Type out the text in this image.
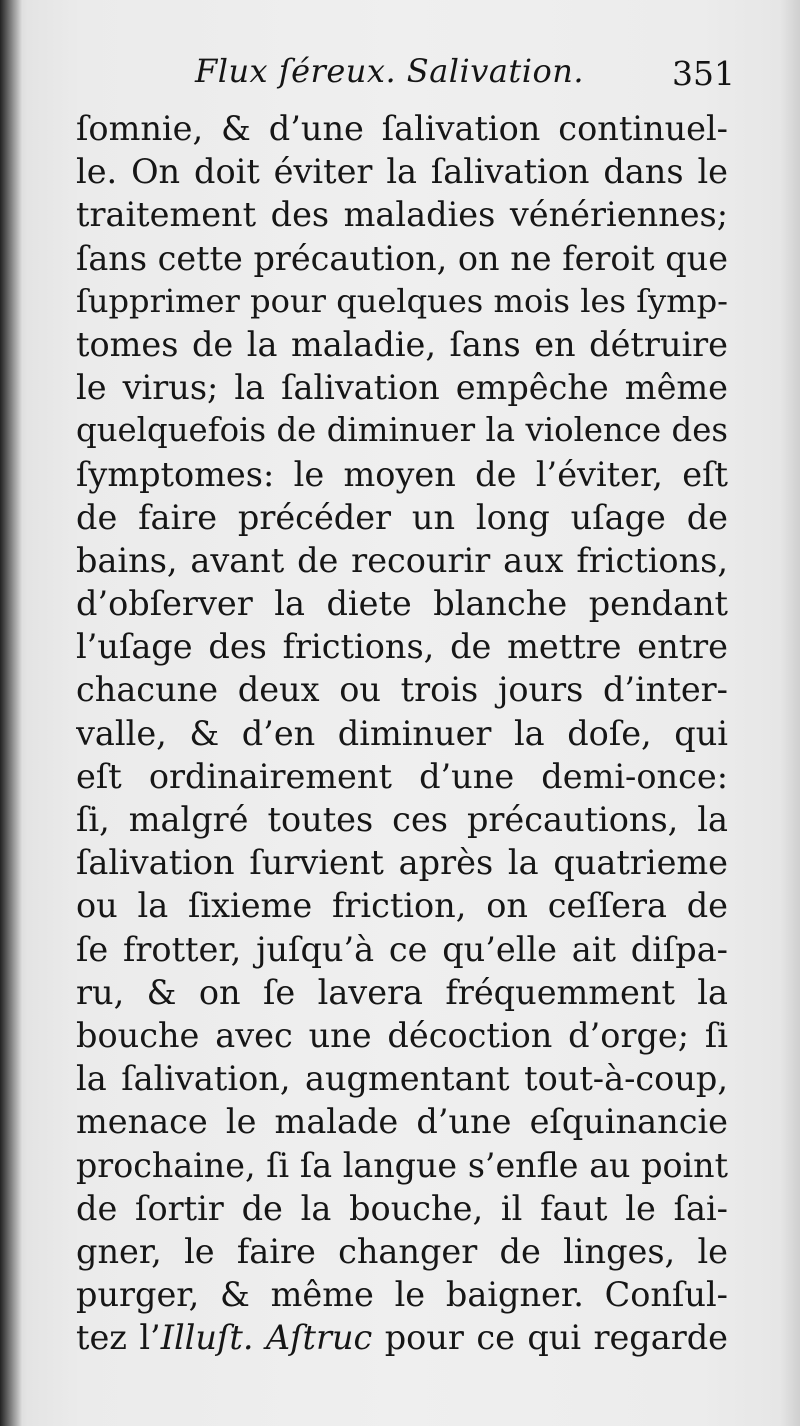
Flux ſéreux. Salivation.	351
ſomnie, & d’une ſalivation continuel-
le. On doit éviter la ſalivation dans le
traitement des maladies vénériennes;
ſans cette précaution, on ne feroit que
ſupprimer pour quelques mois les ſymp-
tomes de la maladie, ſans en détruire
le virus; la ſalivation empêche même
quelquefois de diminuer la violence des
ſymptomes: le moyen de l’éviter, eſt
de faire précéder un long uſage de
bains, avant de recourir aux frictions,
d’obſerver la diete blanche pendant
l’uſage des frictions, de mettre entre
chacune deux ou trois jours d’inter-
valle, & d’en diminuer la doſe, qui
eſt ordinairement d’une demi-once:
ſi, malgré toutes ces précautions, la
ſalivation ſurvient après la quatrieme
ou la ſixieme friction, on ceſſera de
ſe frotter, juſqu’à ce qu’elle ait diſpa-
ru, & on ſe lavera fréquemment la
bouche avec une décoction d’orge; ſi
la ſalivation, augmentant tout-à-coup,
menace le malade d’une eſquinancie
prochaine, ſi ſa langue s’enfle au point
de ſortir de la bouche, il faut le ſai-
gner, le faire changer de linges, le
purger, & même le baigner. Conſul-
tez l’Illuſt. Aſtruc pour ce qui regarde
